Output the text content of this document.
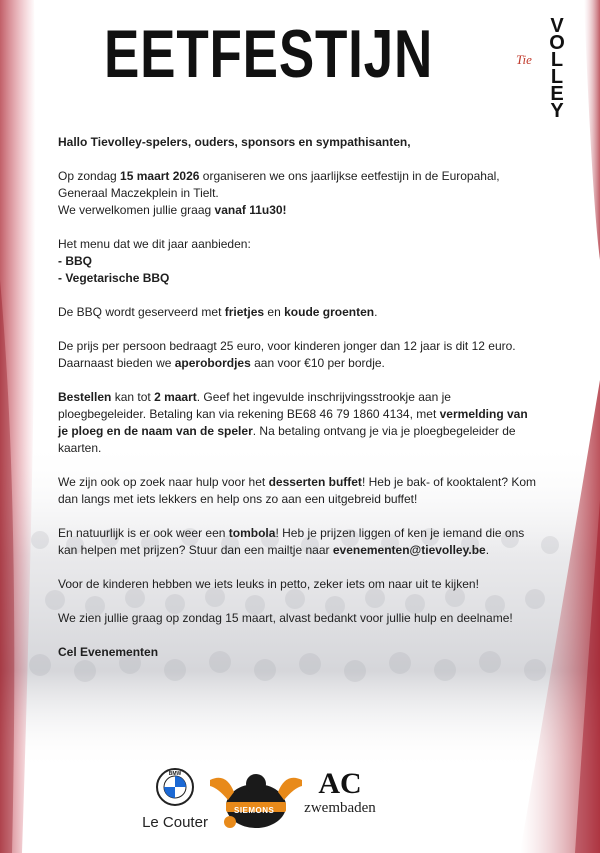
EETFESTIJN	Tie
V
O
L
L
E
Y

Hallo Tievolley-spelers, ouders, sponsors en sympathisanten,

Op zondag 15 maart 2026 organiseren we ons jaarlijkse eetfestijn in de Europahal,
Generaal Maczekplein in Tielt.
We verwelkomen jullie graag vanaf 11u30!

Het menu dat we dit jaar aanbieden:
- BBQ
- Vegetarische BBQ

De BBQ wordt geserveerd met frietjes en koude groenten.

De prijs per persoon bedraagt 25 euro, voor kinderen jonger dan 12 jaar is dit 12 euro. Daarnaast bieden we aperobordjes aan voor €10 per bordje.

Bestellen kan tot 2 maart. Geef het ingevulde inschrijvingsstrookje aan je ploegbegeleider. Betaling kan via rekening BE68 46 79 1860 4134, met vermelding van je ploeg en de naam van de speler. Na betaling ontvang je via je ploegbegeleider de kaarten.

We zijn ook op zoek naar hulp voor het desserten buffet! Heb je bak- of kooktalent? Kom dan langs met iets lekkers en help ons zo aan een uitgebreid buffet!

En natuurlijk is er ook weer een tombola! Heb je prijzen liggen of ken je iemand die ons kan helpen met prijzen? Stuur dan een mailtje naar evenementen@tievolley.be.

Voor de kinderen hebben we iets leuks in petto, zeker iets om naar uit te kijken!

We zien jullie graag op zondag 15 maart, alvast bedankt voor jullie hulp en deelname!

Cel Evenementen

BMW
Le Couter
SIEMONS
AC
zwembaden
